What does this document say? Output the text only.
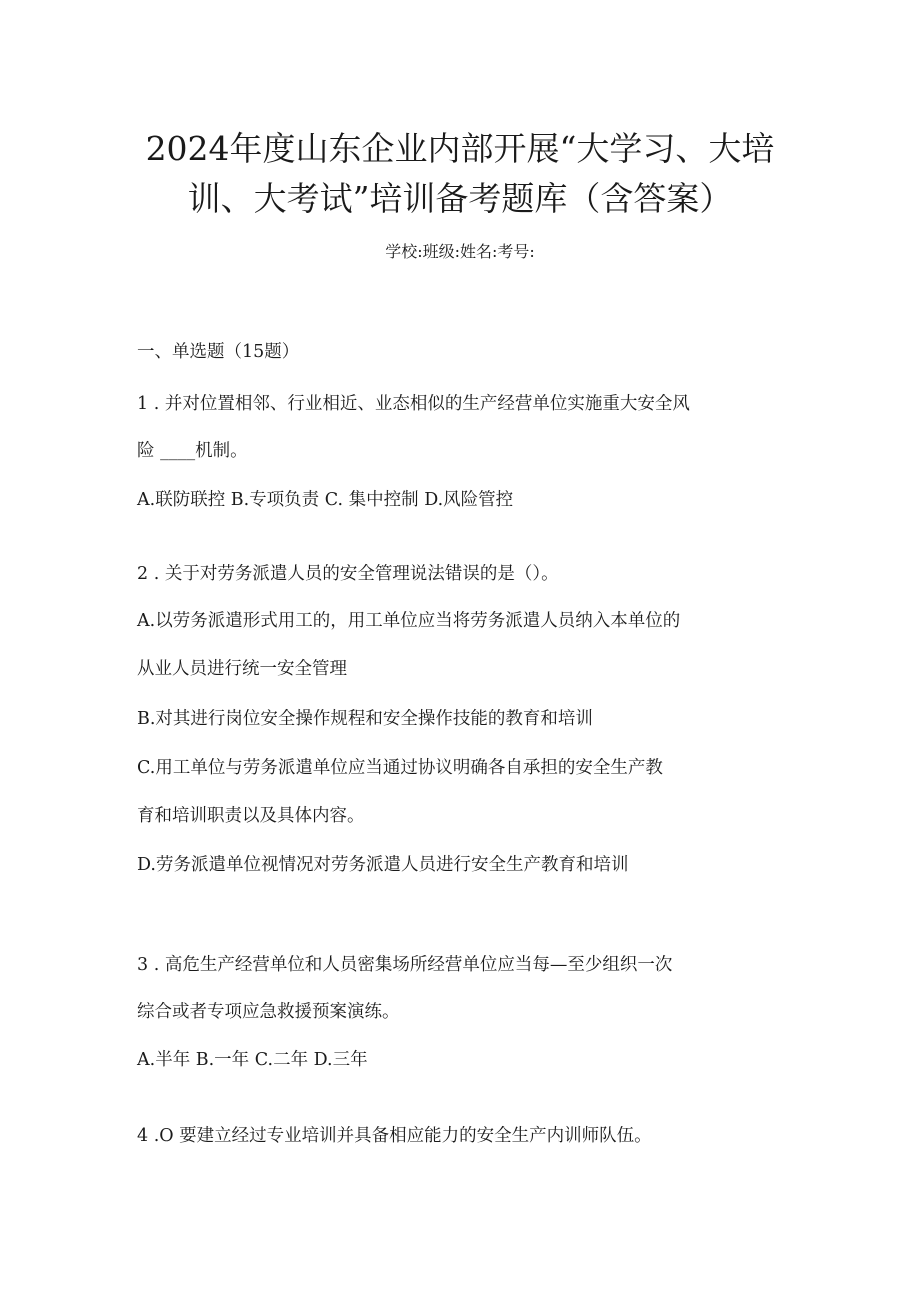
2024年度山东企业内部开展“大学习、大培
训、大考试”培训备考题库（含答案）
学校:班级:姓名:考号:
一、单选题（15题）
1 . 并对位置相邻、行业相近、业态相似的生产经营单位实施重大安全风
险 ____机制。
A.联防联控 B.专项负责 C. 集中控制 D.风险管控
2 . 关于对劳务派遣人员的安全管理说法错误的是（）。
A.以劳务派遣形式用工的，用工单位应当将劳务派遣人员纳入本单位的
从业人员进行统一安全管理
B.对其进行岗位安全操作规程和安全操作技能的教育和培训
C.用工单位与劳务派遣单位应当通过协议明确各自承担的安全生产教
育和培训职责以及具体内容。
D.劳务派遣单位视情况对劳务派遣人员进行安全生产教育和培训
3 . 高危生产经营单位和人员密集场所经营单位应当每—至少组织一次
综合或者专项应急救援预案演练。
A.半年 B.一年 C.二年 D.三年
4 .O 要建立经过专业培训并具备相应能力的安全生产内训师队伍。
